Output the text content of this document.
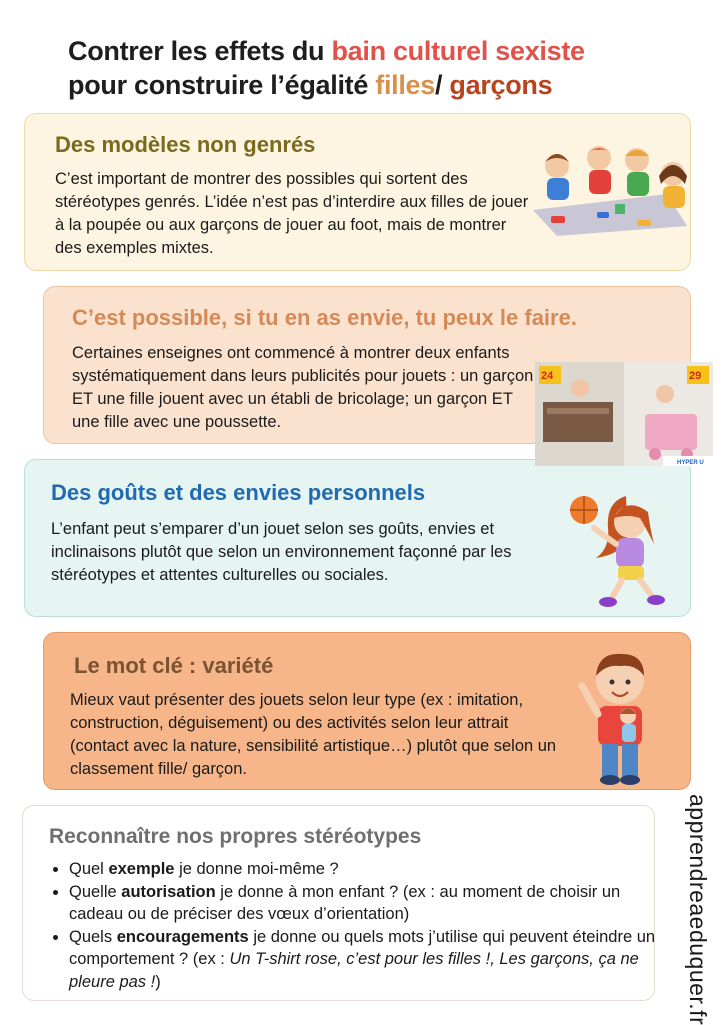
Contrer les effets du bain culturel sexiste
pour construire l’égalité filles/ garçons
Des modèles non genrés

C’est important de montrer des possibles qui sortent des stéréotypes genrés. L’idée n’est pas d’interdire aux filles de jouer à la poupée ou aux garçons de jouer au foot, mais de montrer des exemples mixtes.

C’est possible, si tu en as envie, tu peux le faire.

Certaines enseignes ont commencé à montrer deux enfants systématiquement dans leurs publicités pour jouets : un garçon ET une fille jouent avec un établi de bricolage; un garçon ET une fille avec une poussette.

Des goûts et des envies personnels

L’enfant peut s’emparer d’un jouet selon ses goûts, envies et inclinaisons plutôt que selon un environnement façonné par les stéréotypes et attentes culturelles ou sociales.

Le mot clé : variété

Mieux vaut présenter des jouets selon leur type (ex : imitation, construction, déguisement) ou des activités selon leur attrait (contact avec la nature, sensibilité artistique…) plutôt que selon un classement fille/ garçon.

Reconnaître nos propres stéréotypes
• Quel exemple je donne moi-même ?
• Quelle autorisation je donne à mon enfant ? (ex : au moment de choisir un cadeau ou de préciser des vœux d’orientation)
• Quels encouragements je donne ou quels mots j’utilise qui peuvent éteindre un comportement ? (ex : Un T-shirt rose, c’est pour les filles !, Les garçons, ça ne pleure pas !)	apprendreaeduquer.fr
24	29
HYPER U
